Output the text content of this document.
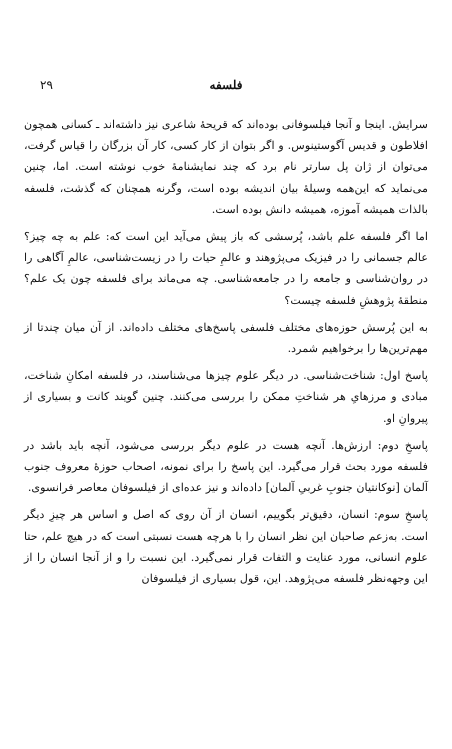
فلسفه
۲۹

سرایش. اینجا و آنجا فیلسوفانی بوده‌اند که قریحهٔ شاعری نیز داشته‌اند ـ کسانی همچون افلاطون و قدیس آگوستینوس. و اگر بتوان از کار کسی، کار آن بزرگان را قیاس گرفت، می‌توان از ژان پل سارتر نام برد که چند نمایشنامهٔ خوب نوشته است. اما، چنین می‌نماید که این‌همه وسیلهٔ بیان اندیشه بوده است، وگرنه همچنان که گذشت، فلسفه بالذات همیشه آموزه، همیشه دانش بوده است.

اما اگر فلسفه علم باشد، پُرسشی که باز پیش می‌آید این است که: علم به چه چیز؟ عالم جسمانی را در فیزیک می‌پژوهند و عالمِ حیات را در زیست‌شناسی، عالمِ آگاهی را در روان‌شناسی و جامعه را در جامعه‌شناسی. چه می‌ماند برای فلسفه چون یک علم؟ منطقهٔ پژوهشِ فلسفه چیست؟

به این پُرسش حوزه‌های مختلف فلسفی پاسخ‌های مختلف داده‌اند. از آن میان چندتا از مهم‌ترین‌ها را برخواهیم شمرد.

پاسخ اول: شناخت‌شناسی. در دیگر علوم چیزها می‌شناسند، در فلسفه امکانِ شناخت، مبادی و مرزهایِ هر شناختِ ممکن را بررسی می‌کنند. چنین گویند کانت و بسیاری از پیروانِ او.

پاسخِ دوم: ارزش‌ها. آنچه هست در علوم دیگر بررسی می‌شود، آنچه باید باشد در فلسفه مورد بحث قرار می‌گیرد. این پاسخ را برای نمونه، اصحاب حوزهٔ معروف جنوب آلمان [نوکانتیان جنوبِ غربیِ آلمان] داده‌اند و نیز عده‌ای از فیلسوفان معاصر فرانسوی.

پاسخِ سوم: انسان، دقیق‌تر بگوییم، انسان از آن روی که اصل و اساس هر چیزِ دیگر است. به‌زعم صاحبان این نظر انسان را با هرچه هست نسبتی است که در هیچ علم، حتا علوم انسانی، مورد عنایت و التفات قرار نمی‌گیرد. این نسبت را و از آنجا انسان را از این وجهه‌نظر فلسفه می‌پژوهد. این، قول بسیاری از فیلسوفان
